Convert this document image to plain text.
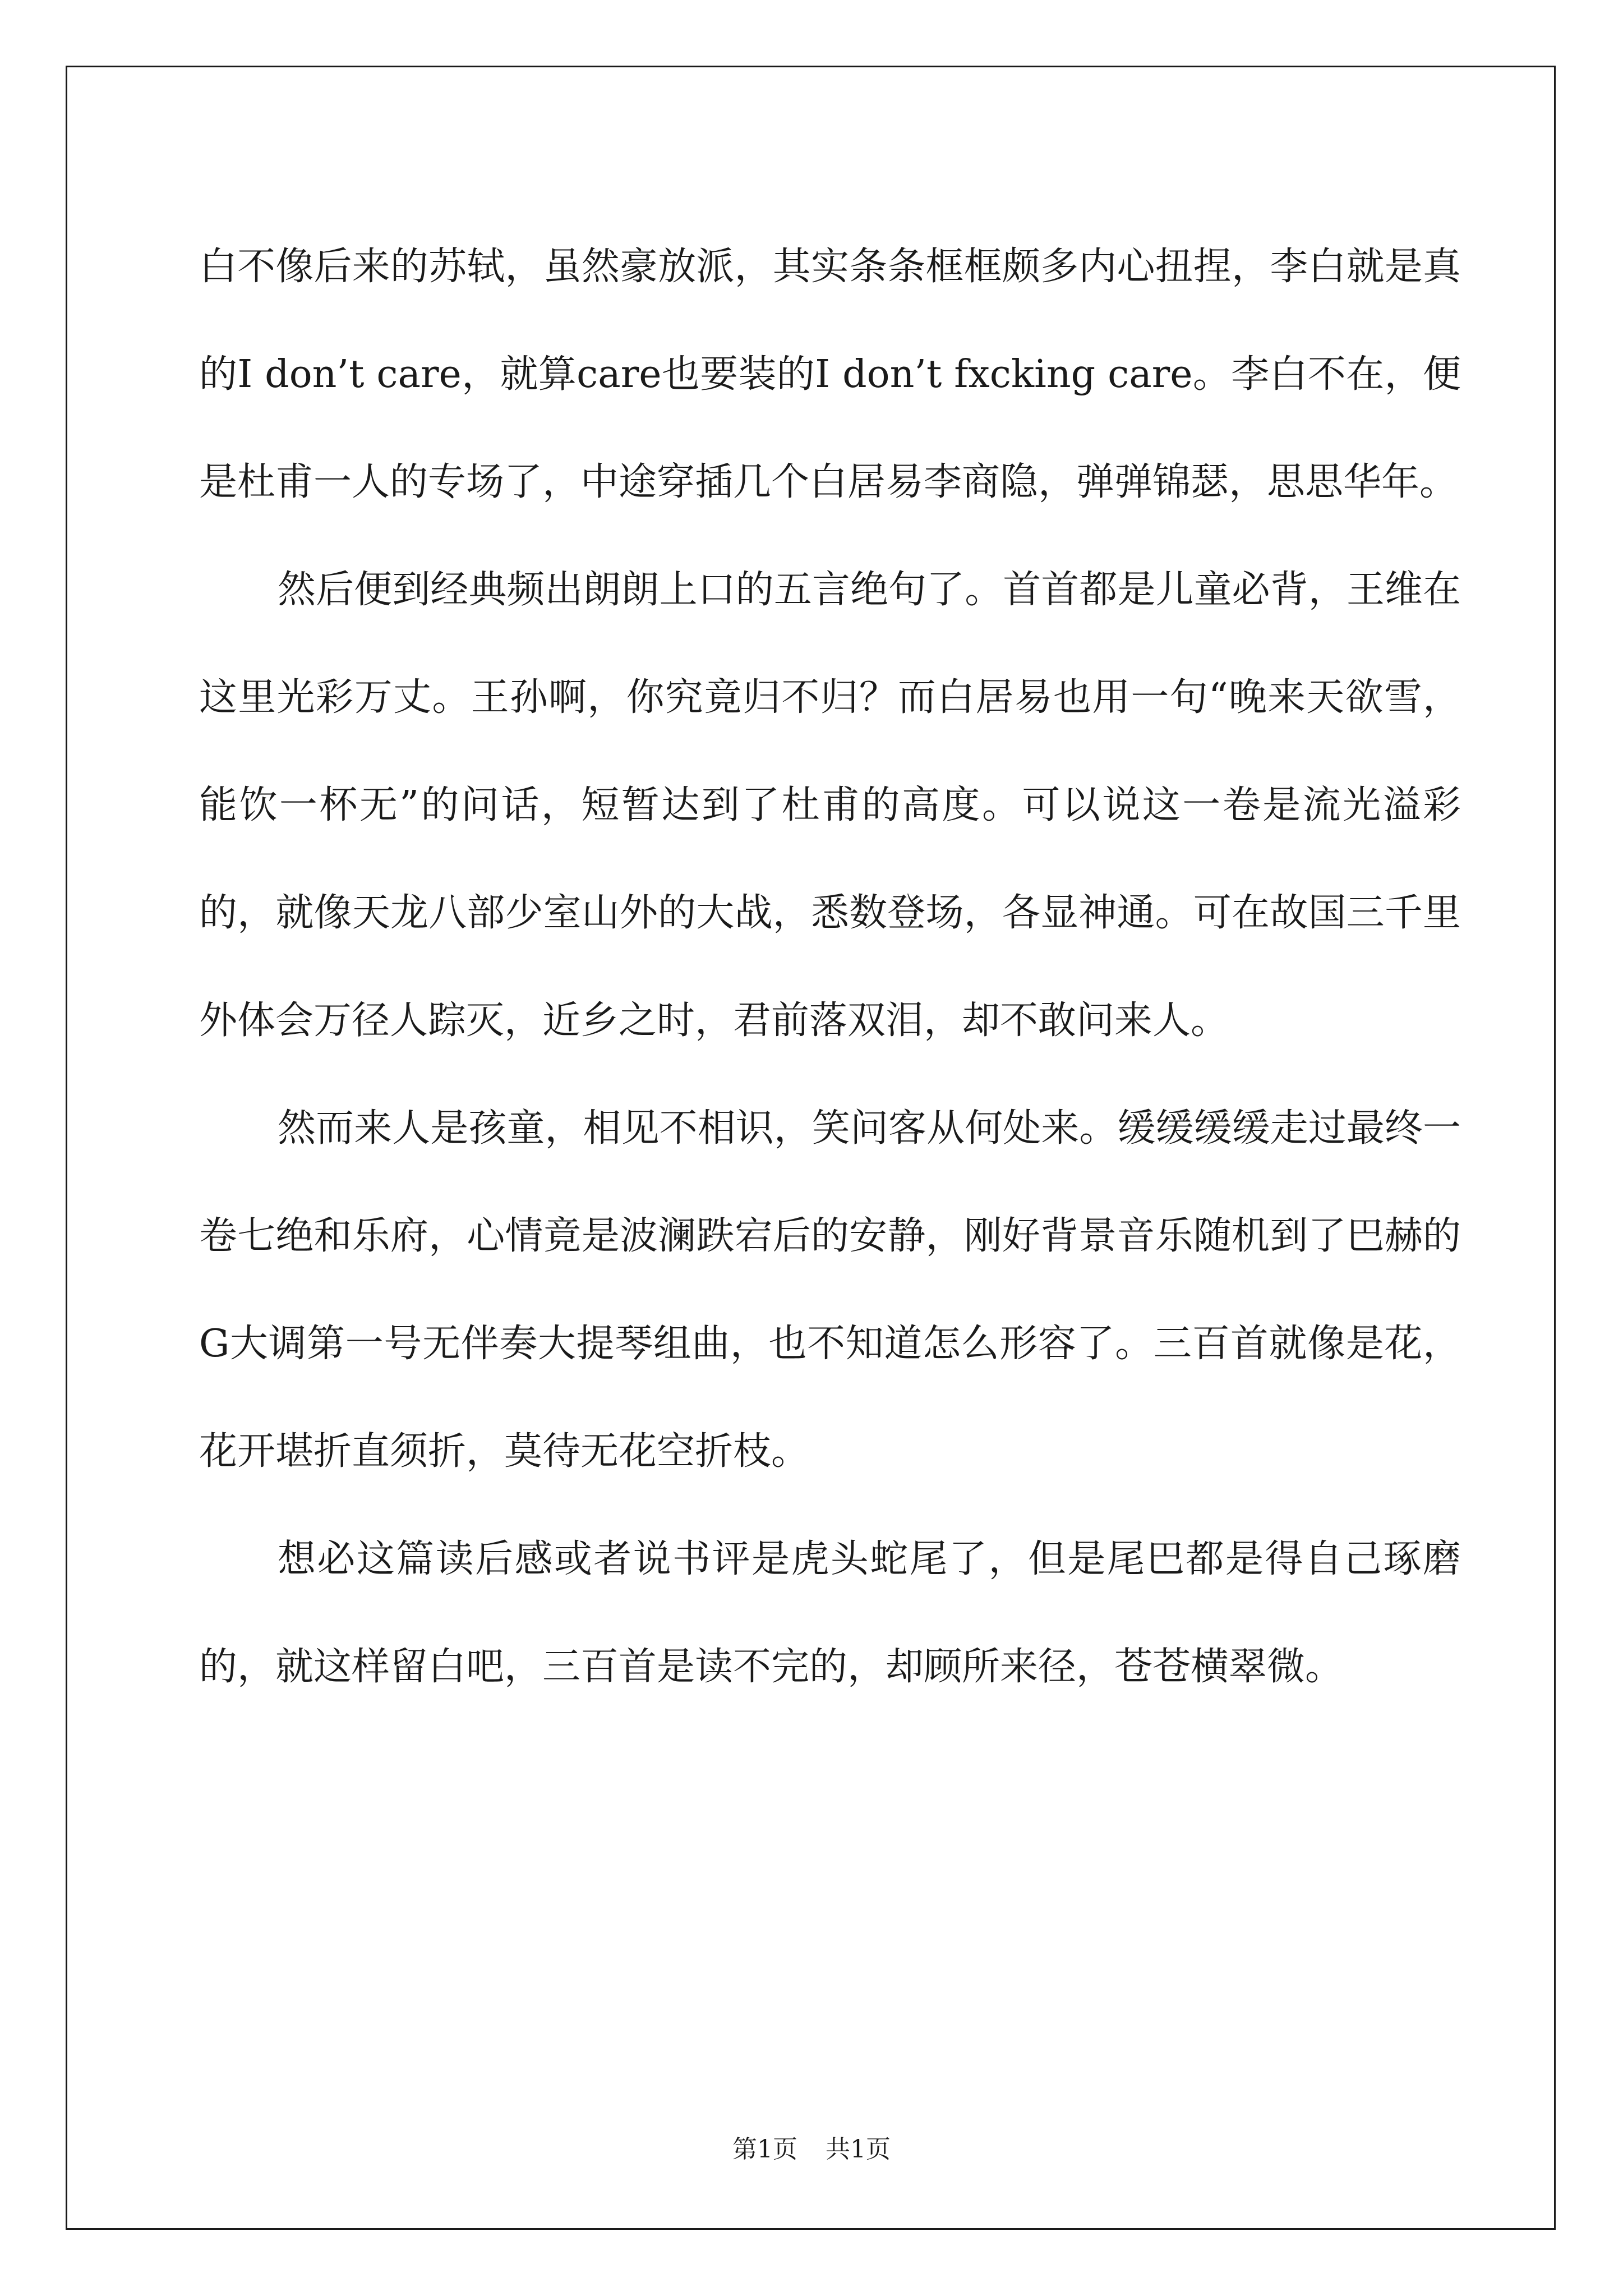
白不像后来的苏轼，虽然豪放派，其实条条框框颇多内心扭捏，李白就是真的I don’t care，就算care也要装的I don’t fxcking care。李白不在，便是杜甫一人的专场了，中途穿插几个白居易李商隐，弹弹锦瑟，思思华年。

然后便到经典频出朗朗上口的五言绝句了。首首都是儿童必背，王维在这里光彩万丈。王孙啊，你究竟归不归？而白居易也用一句“晚来天欲雪，能饮一杯无”的问话，短暂达到了杜甫的高度。可以说这一卷是流光溢彩的，就像天龙八部少室山外的大战，悉数登场，各显神通。可在故国三千里外体会万径人踪灭，近乡之时，君前落双泪，却不敢问来人。

然而来人是孩童，相见不相识，笑问客从何处来。缓缓缓缓走过最终一卷七绝和乐府，心情竟是波澜跌宕后的安静，刚好背景音乐随机到了巴赫的G大调第一号无伴奏大提琴组曲，也不知道怎么形容了。三百首就像是花，花开堪折直须折，莫待无花空折枝。

想必这篇读后感或者说书评是虎头蛇尾了，但是尾巴都是得自己琢磨的，就这样留白吧，三百首是读不完的，却顾所来径，苍苍横翠微。

第1页 共1页
